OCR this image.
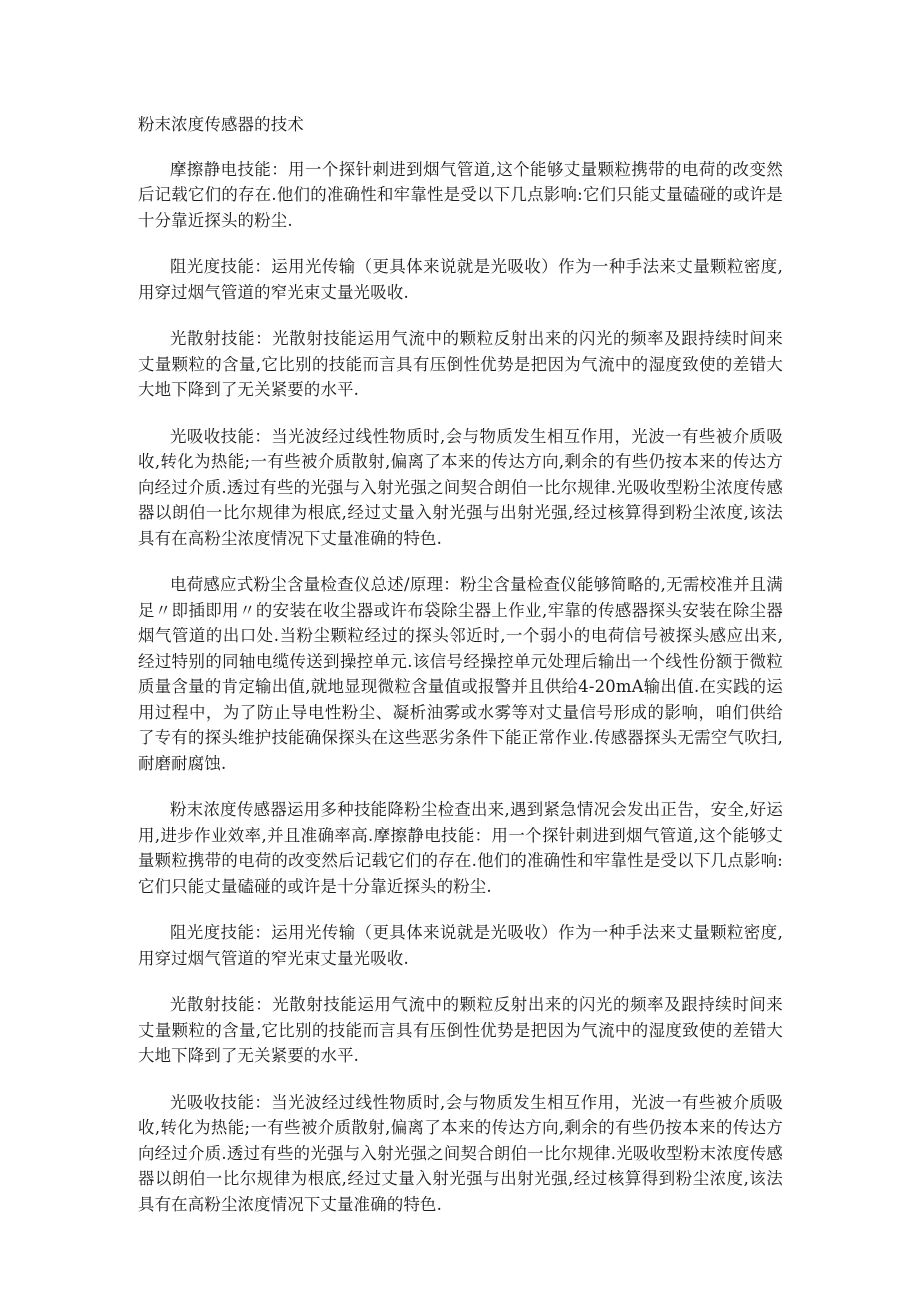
粉末浓度传感器的技术

摩擦静电技能：用一个探针刺进到烟气管道,这个能够丈量颗粒携带的电荷的改变然后记载它们的存在.他们的准确性和牢靠性是受以下几点影响:它们只能丈量磕碰的或许是十分靠近探头的粉尘.

阻光度技能：运用光传输（更具体来说就是光吸收）作为一种手法来丈量颗粒密度,用穿过烟气管道的窄光束丈量光吸收.

光散射技能：光散射技能运用气流中的颗粒反射出来的闪光的频率及跟持续时间来丈量颗粒的含量,它比别的技能而言具有压倒性优势是把因为气流中的湿度致使的差错大大地下降到了无关紧要的水平.

光吸收技能：当光波经过线性物质时,会与物质发生相互作用，光波一有些被介质吸收,转化为热能;一有些被介质散射,偏离了本来的传达方向,剩余的有些仍按本来的传达方向经过介质.透过有些的光强与入射光强之间契合朗伯一比尔规律.光吸收型粉尘浓度传感器以朗伯一比尔规律为根底,经过丈量入射光强与出射光强,经过核算得到粉尘浓度,该法具有在高粉尘浓度情况下丈量准确的特色.

电荷感应式粉尘含量检查仪总述/原理：粉尘含量检查仪能够简略的,无需校准并且满足〃即插即用〃的安装在收尘器或许布袋除尘器上作业,牢靠的传感器探头安装在除尘器烟气管道的出口处.当粉尘颗粒经过的探头邻近时,一个弱小的电荷信号被探头感应出来,经过特别的同轴电缆传送到操控单元.该信号经操控单元处理后输出一个线性份额于微粒质量含量的肯定输出值,就地显现微粒含量值或报警并且供给4-20mA输出值.在实践的运用过程中，为了防止导电性粉尘、凝析油雾或水雾等对丈量信号形成的影响，咱们供给了专有的探头维护技能确保探头在这些恶劣条件下能正常作业.传感器探头无需空气吹扫,耐磨耐腐蚀.

粉末浓度传感器运用多种技能降粉尘检查出来,遇到紧急情况会发出正告，安全,好运用,进步作业效率,并且准确率高.摩擦静电技能：用一个探针刺进到烟气管道,这个能够丈量颗粒携带的电荷的改变然后记载它们的存在.他们的准确性和牢靠性是受以下几点影响:它们只能丈量磕碰的或许是十分靠近探头的粉尘.

阻光度技能：运用光传输（更具体来说就是光吸收）作为一种手法来丈量颗粒密度,用穿过烟气管道的窄光束丈量光吸收.

光散射技能：光散射技能运用气流中的颗粒反射出来的闪光的频率及跟持续时间来丈量颗粒的含量,它比别的技能而言具有压倒性优势是把因为气流中的湿度致使的差错大大地下降到了无关紧要的水平.

光吸收技能：当光波经过线性物质时,会与物质发生相互作用，光波一有些被介质吸收,转化为热能;一有些被介质散射,偏离了本来的传达方向,剩余的有些仍按本来的传达方向经过介质.透过有些的光强与入射光强之间契合朗伯一比尔规律.光吸收型粉末浓度传感器以朗伯一比尔规律为根底,经过丈量入射光强与出射光强,经过核算得到粉尘浓度,该法具有在高粉尘浓度情况下丈量准确的特色.
